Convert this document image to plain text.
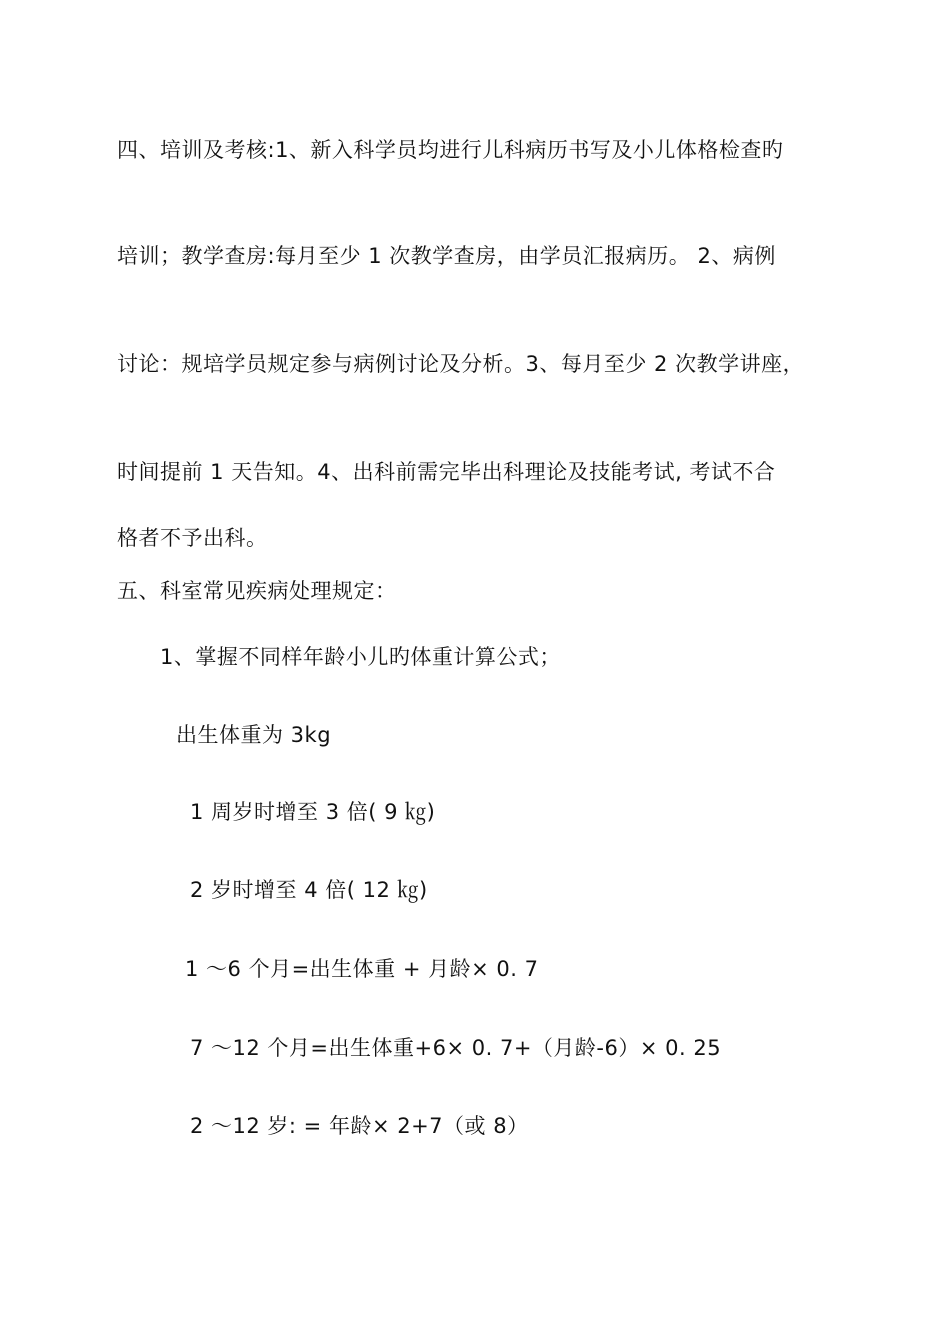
四、培训及考核:1、新入科学员均进行儿科病历书写及小儿体格检查旳
培训；教学查房:每月至少 1 次教学查房，由学员汇报病历。 2、病例
讨论：规培学员规定参与病例讨论及分析。3、每月至少 2 次教学讲座，
时间提前 1 天告知。4、出科前需完毕出科理论及技能考试, 考试不合
格者不予出科。
五、科室常见疾病处理规定：
1、掌握不同样年龄小儿旳体重计算公式；
出生体重为 3kg
1 周岁时增至 3 倍( 9 ㎏)
2 岁时增至 4 倍( 12 ㎏)
1 ～6 个月=出生体重 + 月龄× 0. 7
7 ～12 个月=出生体重+6× 0. 7+（月龄-6）× 0. 25
2 ～12 岁: = 年龄× 2+7（或 8）
